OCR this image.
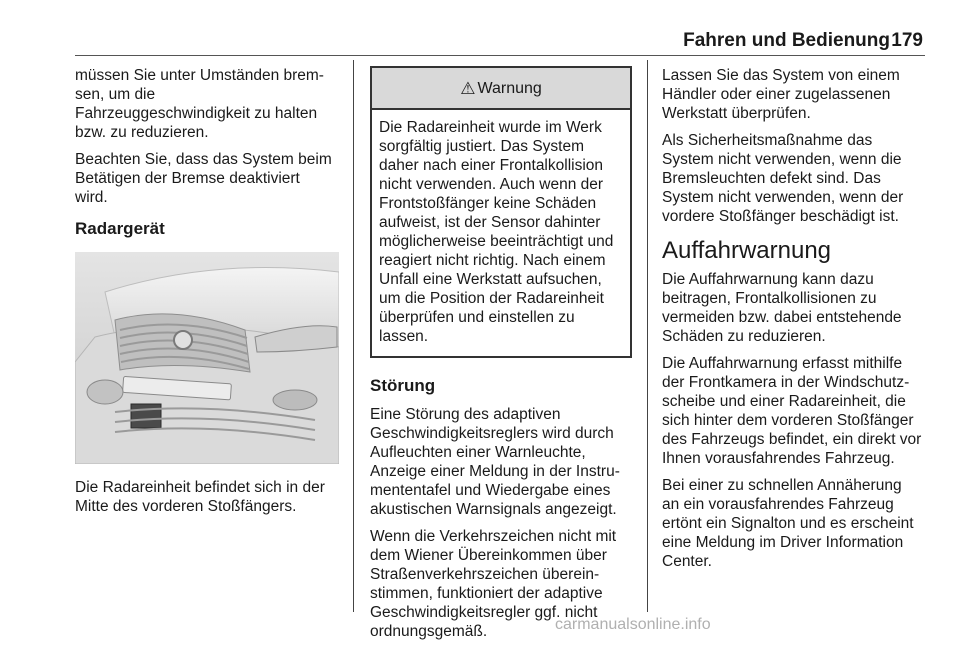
Fahren und Bedienung 179

müssen Sie unter Umständen brem-
sen, um die
Fahrzeuggeschwindigkeit zu halten
bzw. zu reduzieren.

Beachten Sie, dass das System beim
Betätigen der Bremse deaktiviert
wird.

Radargerät

Die Radareinheit befindet sich in der
Mitte des vorderen Stoßfängers.

⚠ Warnung
Die Radareinheit wurde im Werk
sorgfältig justiert. Das System
daher nach einer Frontalkollision
nicht verwenden. Auch wenn der
Frontstoßfänger keine Schäden
aufweist, ist der Sensor dahinter
möglicherweise beeinträchtigt und
reagiert nicht richtig. Nach einem
Unfall eine Werkstatt aufsuchen,
um die Position der Radareinheit
überprüfen und einstellen zu
lassen.
Störung

Eine Störung des adaptiven
Geschwindigkeitsreglers wird durch
Aufleuchten einer Warnleuchte,
Anzeige einer Meldung in der Instru-
mententafel und Wiedergabe eines
akustischen Warnsignals angezeigt.

Wenn die Verkehrszeichen nicht mit
dem Wiener Übereinkommen über
Straßenverkehrszeichen überein-
stimmen, funktioniert der adaptive
Geschwindigkeitsregler ggf. nicht
ordnungsgemäß.

Lassen Sie das System von einem
Händler oder einer zugelassenen
Werkstatt überprüfen.

Als Sicherheitsmaßnahme das
System nicht verwenden, wenn die
Bremsleuchten defekt sind. Das
System nicht verwenden, wenn der
vordere Stoßfänger beschädigt ist.

Auffahrwarnung

Die Auffahrwarnung kann dazu
beitragen, Frontalkollisionen zu
vermeiden bzw. dabei entstehende
Schäden zu reduzieren.

Die Auffahrwarnung erfasst mithilfe
der Frontkamera in der Windschutz-
scheibe und einer Radareinheit, die
sich hinter dem vorderen Stoßfänger
des Fahrzeugs befindet, ein direkt vor
Ihnen vorausfahrendes Fahrzeug.

Bei einer zu schnellen Annäherung
an ein vorausfahrendes Fahrzeug
ertönt ein Signalton und es erscheint
eine Meldung im Driver Information
Center.

carmanualsonline.info
